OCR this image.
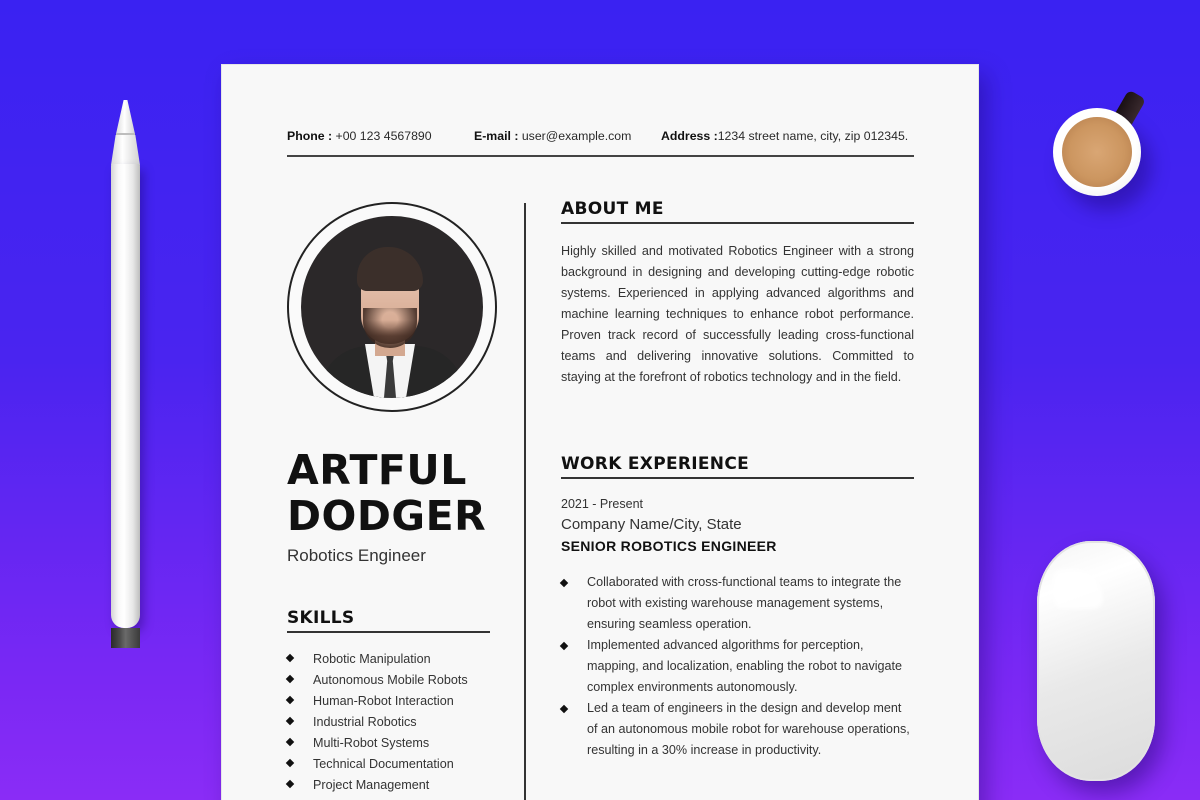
Phone : +00 123 4567890	E-mail : user@example.com Address :1234 street name, city, zip 012345.
ARTFUL
DODGER
Robotics Engineer
SKILLS
Robotic Manipulation
Autonomous Mobile Robots
Human-Robot Interaction
Industrial Robotics
Multi-Robot Systems
Technical Documentation
Project Management
ABOUT ME

Highly skilled and motivated Robotics Engineer with a strong background in designing and developing cutting-edge robotic systems. Experienced in applying advanced algorithms and machine learning techniques to enhance robot performance. Proven track record of successfully leading cross-functional teams and delivering innovative solutions. Committed to staying at the forefront of robotics technology and in the field.

WORK EXPERIENCE
2021 - Present
Company Name/City, State
SENIOR ROBOTICS ENGINEER
Collaborated with cross-functional teams to integrate the robot with existing warehouse management systems, ensuring seamless operation.
Implemented advanced algorithms for perception, mapping, and localization, enabling the robot to navigate complex environments autonomously.
Led a team of engineers in the design and develop ment of an autonomous mobile robot for warehouse operations, resulting in a 30% increase in productivity.
